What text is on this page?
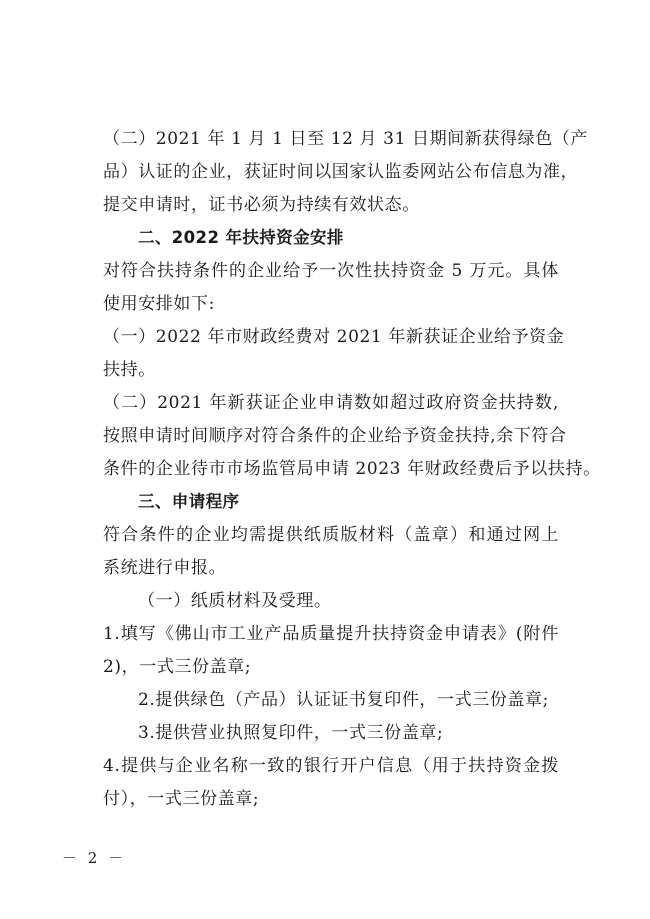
（二）2021 年 1 月 1 日至 12 月 31 日期间新获得绿色（产
品）认证的企业，获证时间以国家认监委网站公布信息为准，
提交申请时，证书必须为持续有效状态。
二、2022 年扶持资金安排
对符合扶持条件的企业给予一次性扶持资金 5 万元。具体
使用安排如下:
（一）2022 年市财政经费对 2021 年新获证企业给予资金
扶持。
（二）2021 年新获证企业申请数如超过政府资金扶持数,
按照申请时间顺序对符合条件的企业给予资金扶持,余下符合
条件的企业待市市场监管局申请 2023 年财政经费后予以扶持。
三、申请程序
符合条件的企业均需提供纸质版材料（盖章）和通过网上
系统进行申报。
（一）纸质材料及受理。
1.填写《佛山市工业产品质量提升扶持资金申请表》(附件
2)，一式三份盖章;
2.提供绿色（产品）认证证书复印件，一式三份盖章;
3.提供营业执照复印件，一式三份盖章;
4.提供与企业名称一致的银行开户信息（用于扶持资金拨
付），一式三份盖章;
－ 2 －
